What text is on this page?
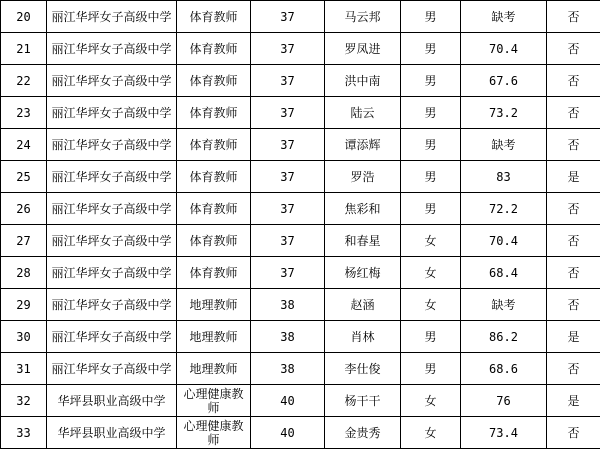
20	丽江华坪女子高级中学	体育教师	37	马云邦	男	缺考	否
21	丽江华坪女子高级中学	体育教师	37	罗凤进	男	70.4	否
22	丽江华坪女子高级中学	体育教师	37	洪中南	男	67.6	否
23	丽江华坪女子高级中学	体育教师	37	陆云	男	73.2	否
24	丽江华坪女子高级中学	体育教师	37	谭添辉	男	缺考	否
25	丽江华坪女子高级中学	体育教师	37	罗浩	男	83	是
26	丽江华坪女子高级中学	体育教师	37	焦彩和	男	72.2	否
27	丽江华坪女子高级中学	体育教师	37	和春星	女	70.4	否
28	丽江华坪女子高级中学	体育教师	37	杨红梅	女	68.4	否
29	丽江华坪女子高级中学	地理教师	38	赵涵	女	缺考	否
30	丽江华坪女子高级中学	地理教师	38	肖林	男	86.2	是
31	丽江华坪女子高级中学	地理教师	38	李仕俊	男	68.6	否
32	华坪县职业高级中学	心理健康教师	40	杨干干	女	76	是
33	华坪县职业高级中学	心理健康教师	40	金贵秀	女	73.4	否
